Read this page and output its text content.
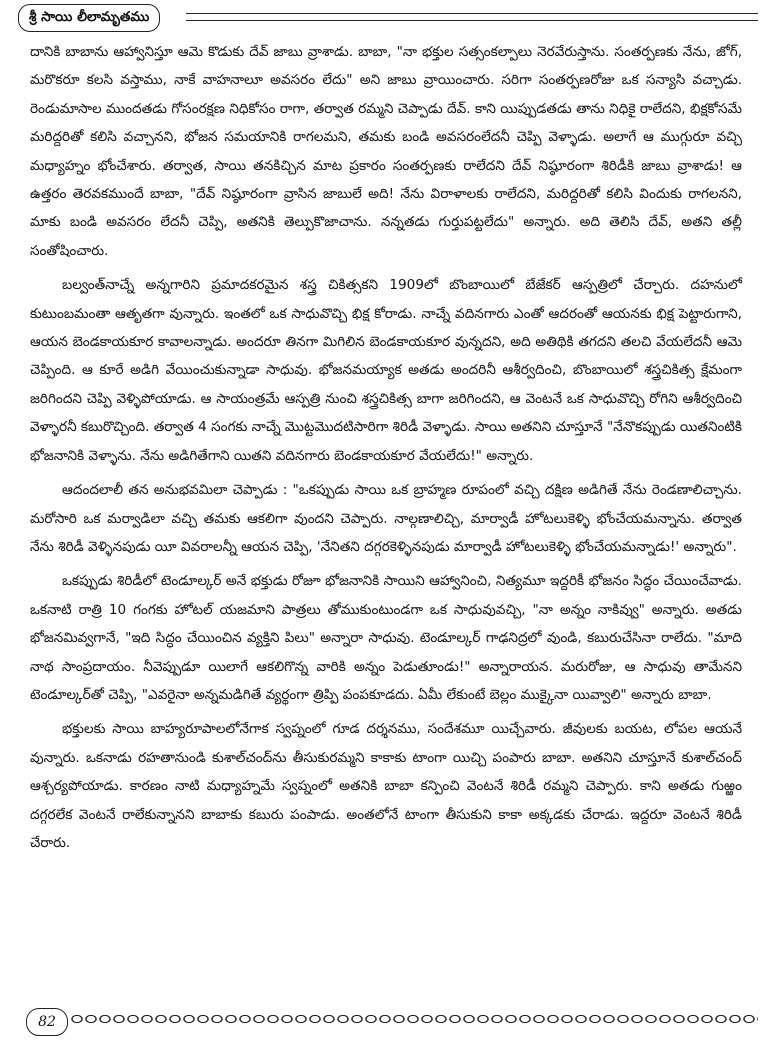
శ్రీ సాయి లీలామృతము

దానికి బాబాను ఆహ్వానిస్తూ ఆమె కొడుకు దేవ్ జాబు వ్రాశాడు. బాబా, "నా భక్తుల సత్సంకల్పాలు నెరవేరుస్తాను. సంతర్పణకు నేను, జోగ్, మరొకరూ కలసి వస్తాము, నాకే వాహనాలూ అవసరం లేదు" అని జాబు వ్రాయించారు. సరిగా సంతర్పణరోజు ఒక సన్యాసి వచ్చాడు. రెండుమాసాల ముందతడు గోసంరక్షణ నిధికోసం రాగా, తర్వాత రమ్మని చెప్పాడు దేవ్. కాని యిప్పుడతడు తాను నిధికై రాలేదని, భిక్షకోసమే మరిద్దరితో కలిసి వచ్చానని, భోజన సమయానికి రాగలమని, తమకు బండి అవసరంలేదనీ చెప్పి వెళ్ళాడు. అలాగే ఆ ముగ్గురూ వచ్చి మధ్యాహ్నం భోంచేశారు. తర్వాత, సాయి తనకిచ్చిన మాట ప్రకారం సంతర్పణకు రాలేదని దేవ్ నిష్ఠూరంగా శిరిడీకి జాబు వ్రాశాడు! ఆ ఉత్తరం తెరవకముందే బాబా, "దేవ్ నిష్ఠూరంగా వ్రాసిన జాబులే అది! నేను విరాళాలకు రాలేదని, మరిద్దరితో కలిసి విందుకు రాగలనని, మాకు బండి అవసరం లేదనీ చెప్పి, అతనికి తెల్పుకొజాచాను. నన్నతడు గుర్తుపట్టలేదు" అన్నారు. అది తెలిసి దేవ్, అతని తల్లీ సంతోషించారు.

బల్వంత్‌నాచ్నే అన్నగారిని ప్రమాదకరమైన శస్త్ర చికిత్సకని 1909లో బొంబాయిలో బేజేకర్ ఆస్పత్రిలో చేర్చారు. దహనులో కుటుంబమంతా ఆతృతగా వున్నారు. ఇంతలో ఒక సాధువొచ్చి భిక్ష కోరాడు. నాచ్నే వదినగారు ఎంతో ఆదరంతో ఆయనకు భిక్ష పెట్టారుగాని, ఆయన బెండకాయకూర కావాలన్నాడు. అందరూ తినగా మిగిలిన బెండకాయకూర వున్నదని, అది అతిథికి తగదని తలచి వేయలేదనీ ఆమె చెప్పింది. ఆ కూరే అడిగి వేయించుకున్నాడా సాధువు. భోజనమయ్యాక అతడు అందరినీ ఆశీర్వదించి, బొంబాయిలో శస్త్రచికిత్స క్షేమంగా జరిగిందని చెప్పి వెళ్ళిపోయాడు. ఆ సాయంత్రమే ఆస్పత్రి నుంచి శస్త్రచికిత్స బాగా జరిగిందని, ఆ వెంటనే ఒక సాధువొచ్చి రోగిని ఆశీర్వదించి వెళ్ళారనీ కబురొచ్చింది. తర్వాత 4 సంగకు నాచ్నే మొట్టమొదటిసారిగా శిరిడీ వెళ్ళాడు. సాయి అతనిని చూస్తూనే "నేనొకప్పుడు యితనింటికి భోజనానికి వెళ్ళాను. నేను అడిగితేగాని యితని వదినగారు బెండకాయకూర వేయలేదు!" అన్నారు.

ఆదందలాలీ తన అనుభవమిలా చెప్పాడు : "ఒకప్పుడు సాయి ఒక బ్రాహ్మణ రూపంలో వచ్చి దక్షిణ అడిగితే నేను రెండణాలిచ్చాను. మరోసారి ఒక మర్వాడిలా వచ్చి తమకు ఆకలిగా వుందని చెప్పారు. నాల్గణాలిచ్చి, మార్వాడీ హోటలుకెళ్ళి భోంచేయమన్నాను. తర్వాత నేను శిరిడీ వెళ్ళినపుడు యీ వివరాలన్నీ ఆయన చెప్పి, 'నేనితని దగ్గరకెళ్ళినపుడు మార్వాడీ హోటలుకెళ్ళి భోంచేయమన్నాడు!' అన్నారు".

ఒకప్పుడు శిరిడీలో టెండూల్కర్ అనే భక్తుడు రోజూ భోజనానికి సాయిని ఆహ్వానించి, నిత్యమూ ఇద్దరికీ భోజనం సిద్ధం చేయించేవాడు. ఒకనాటి రాత్రి 10 గంగకు హోటల్ యజమాని పాత్రలు తోముకుంటుండగా ఒక సాధువువచ్చి, "నా అన్నం నాకివ్వు" అన్నారు. అతడు భోజనమివ్వగానే, "ఇది సిద్ధం చేయించిన వ్యక్తిని పిలు" అన్నారా సాధువు. టెండూల్కర్ గాఢనిద్రలో వుండి, కబురుచేసినా రాలేదు. "మాది నాథ సాంప్రదాయం. నీవెప్పుడూ యిలాగే ఆకలిగొన్న వారికి అన్నం పెడుతూండు!" అన్నారాయన. మరురోజు, ఆ సాధువు తామేనని టెండూల్కర్‌తో చెప్పి, "ఎవరైనా అన్నమడిగితే వ్యర్థంగా త్రిప్పి పంపకూడదు. ఏమీ లేకుంటే బెల్లం ముక్కైనా యివ్వాలి" అన్నారు బాబా.

భక్తులకు సాయి బాహ్యరూపాలలోనేగాక స్వప్నంలో గూడ దర్శనము, సందేశమూ యిచ్చేవారు. జీవులకు బయట, లోపల ఆయనే వున్నారు. ఒకనాడు రహతానుండి కుశాల్‌చంద్‌ను తీసుకురమ్మని కాకాకు టాంగా యిచ్చి పంపారు బాబా. అతనిని చూస్తూనే కుశాల్‌చంద్ ఆశ్చర్యపోయాడు. కారణం నాటి మధ్యాహ్నమే స్వప్నంలో అతనికి బాబా కన్పించి వెంటనే శిరిడీ రమ్మని చెప్పారు. కాని అతడు గుఱ్ఱం దగ్గరలేక వెంటనే రాలేకున్నానని బాబాకు కబురు పంపాడు. అంతలోనే టాంగా తీసుకుని కాకా అక్కడకు చేరాడు. ఇద్దరూ వెంటనే శిరిడీ చేరారు.

82
